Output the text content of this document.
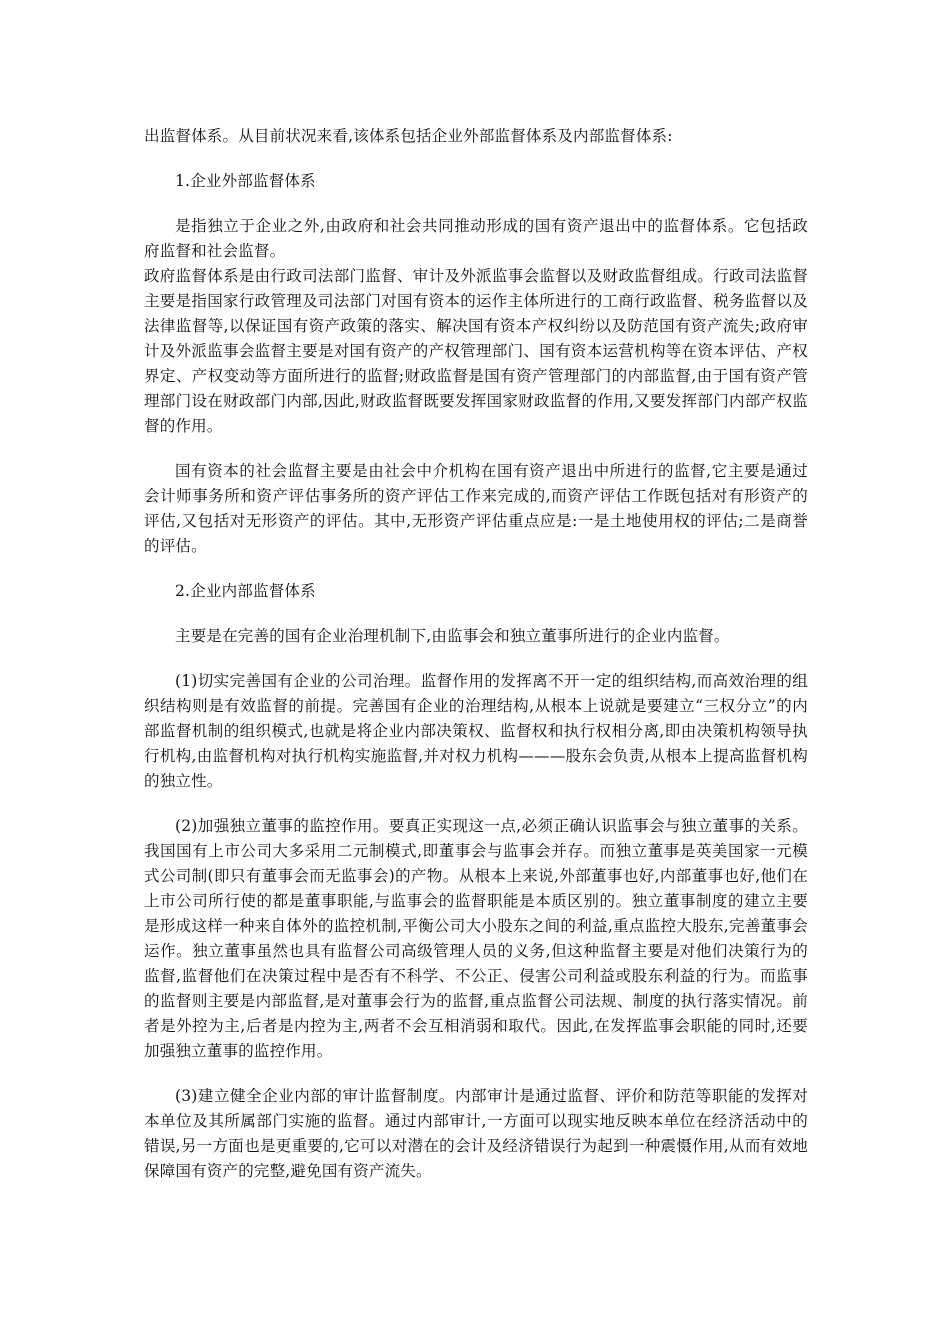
出监督体系。从目前状况来看,该体系包括企业外部监督体系及内部监督体系:

1.企业外部监督体系

是指独立于企业之外,由政府和社会共同推动形成的国有资产退出中的监督体系。它包括政府监督和社会监督。

政府监督体系是由行政司法部门监督、审计及外派监事会监督以及财政监督组成。行政司法监督主要是指国家行政管理及司法部门对国有资本的运作主体所进行的工商行政监督、税务监督以及法律监督等,以保证国有资产政策的落实、解决国有资本产权纠纷以及防范国有资产流失;政府审计及外派监事会监督主要是对国有资产的产权管理部门、国有资本运营机构等在资本评估、产权界定、产权变动等方面所进行的监督;财政监督是国有资产管理部门的内部监督,由于国有资产管理部门设在财政部门内部,因此,财政监督既要发挥国家财政监督的作用,又要发挥部门内部产权监督的作用。

国有资本的社会监督主要是由社会中介机构在国有资产退出中所进行的监督,它主要是通过会计师事务所和资产评估事务所的资产评估工作来完成的,而资产评估工作既包括对有形资产的评估,又包括对无形资产的评估。其中,无形资产评估重点应是:一是土地使用权的评估;二是商誉的评估。

2.企业内部监督体系

主要是在完善的国有企业治理机制下,由监事会和独立董事所进行的企业内监督。

(1)切实完善国有企业的公司治理。监督作用的发挥离不开一定的组织结构,而高效治理的组织结构则是有效监督的前提。完善国有企业的治理结构,从根本上说就是要建立“三权分立”的内部监督机制的组织模式,也就是将企业内部决策权、监督权和执行权相分离,即由决策机构领导执行机构,由监督机构对执行机构实施监督,并对权力机构———股东会负责,从根本上提高监督机构的独立性。

(2)加强独立董事的监控作用。要真正实现这一点,必须正确认识监事会与独立董事的关系。我国国有上市公司大多采用二元制模式,即董事会与监事会并存。而独立董事是英美国家一元模式公司制(即只有董事会而无监事会)的产物。从根本上来说,外部董事也好,内部董事也好,他们在上市公司所行使的都是董事职能,与监事会的监督职能是本质区别的。独立董事制度的建立主要是形成这样一种来自体外的监控机制,平衡公司大小股东之间的利益,重点监控大股东,完善董事会运作。独立董事虽然也具有监督公司高级管理人员的义务,但这种监督主要是对他们决策行为的监督,监督他们在决策过程中是否有不科学、不公正、侵害公司利益或股东利益的行为。而监事的监督则主要是内部监督,是对董事会行为的监督,重点监督公司法规、制度的执行落实情况。前者是外控为主,后者是内控为主,两者不会互相消弱和取代。因此,在发挥监事会职能的同时,还要加强独立董事的监控作用。

(3)建立健全企业内部的审计监督制度。内部审计是通过监督、评价和防范等职能的发挥对本单位及其所属部门实施的监督。通过内部审计,一方面可以现实地反映本单位在经济活动中的错误,另一方面也是更重要的,它可以对潜在的会计及经济错误行为起到一种震慑作用,从而有效地保障国有资产的完整,避免国有资产流失。
